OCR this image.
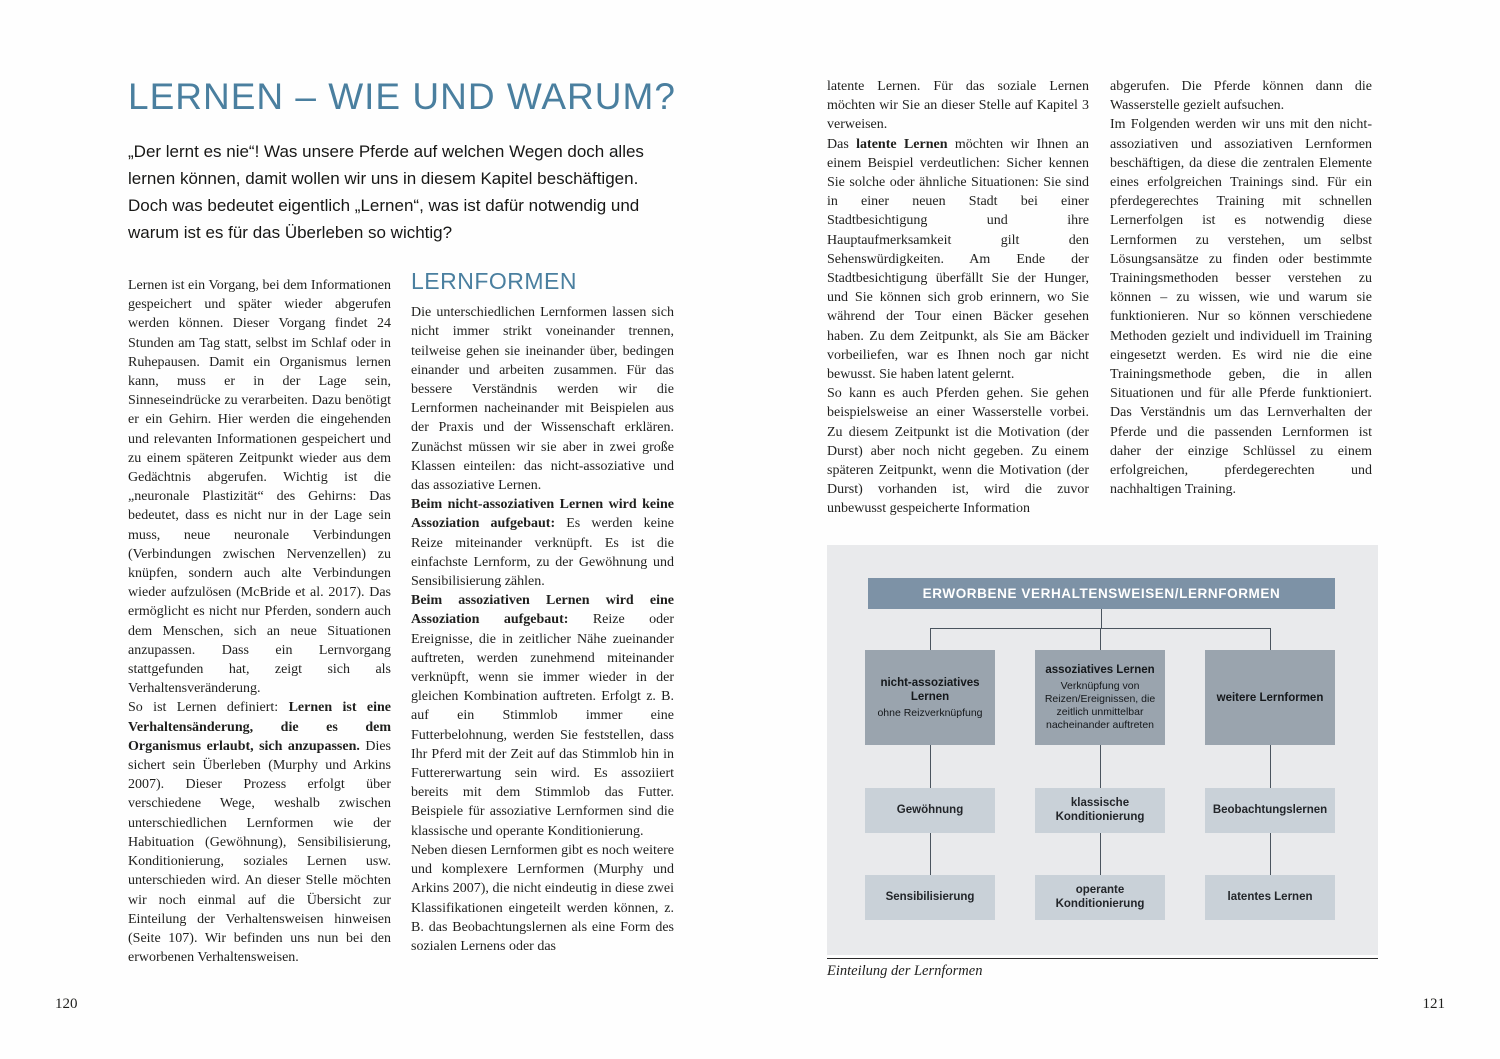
LERNEN – WIE UND WARUM?

„Der lernt es nie“! Was unsere Pferde auf welchen Wegen doch alles lernen können, damit wollen wir uns in diesem Kapitel beschäftigen. Doch was bedeutet eigentlich „Lernen“, was ist dafür notwendig und warum ist es für das Überleben so wichtig?

Lernen ist ein Vorgang, bei dem Informationen gespeichert und später wieder abgerufen werden können. Dieser Vorgang findet 24 Stunden am Tag statt, selbst im Schlaf oder in Ruhepausen. Damit ein Organismus lernen kann, muss er in der Lage sein, Sinneseindrücke zu verarbeiten. Dazu benötigt er ein Gehirn. Hier werden die eingehenden und relevanten Informationen gespeichert und zu einem späteren Zeitpunkt wieder aus dem Gedächtnis abgerufen. Wichtig ist die „neuronale Plastizität“ des Gehirns: Das bedeutet, dass es nicht nur in der Lage sein muss, neue neuronale Verbindungen (Verbindungen zwischen Nervenzellen) zu knüpfen, sondern auch alte Verbindungen wieder aufzulösen (McBride et al. 2017). Das ermöglicht es nicht nur Pferden, sondern auch dem Menschen, sich an neue Situationen anzupassen. Dass ein Lernvorgang stattgefunden hat, zeigt sich als Verhaltensveränderung.

So ist Lernen definiert: Lernen ist eine Verhaltensänderung, die es dem Organismus erlaubt, sich anzupassen. Dies sichert sein Überleben (Murphy und Arkins 2007). Dieser Prozess erfolgt über verschiedene Wege, weshalb zwischen unterschiedlichen Lernformen wie der Habituation (Gewöhnung), Sensibilisierung, Konditionierung, soziales Lernen usw. unterschieden wird. An dieser Stelle möchten wir noch einmal auf die Übersicht zur Einteilung der Verhaltensweisen hinweisen (Seite 107). Wir befinden uns nun bei den erworbenen Verhaltensweisen.

LERNFORMEN

Die unterschiedlichen Lernformen lassen sich nicht immer strikt voneinander trennen, teilweise gehen sie ineinander über, bedingen einander und arbeiten zusammen. Für das bessere Verständnis werden wir die Lernformen nacheinander mit Beispielen aus der Praxis und der Wissenschaft erklären. Zunächst müssen wir sie aber in zwei große Klassen einteilen: das nicht-assoziative und das assoziative Lernen.

Beim nicht-assoziativen Lernen wird keine Assoziation aufgebaut: Es werden keine Reize miteinander verknüpft. Es ist die einfachste Lernform, zu der Gewöhnung und Sensibilisierung zählen.

Beim assoziativen Lernen wird eine Assoziation aufgebaut: Reize oder Ereignisse, die in zeitlicher Nähe zueinander auftreten, werden zunehmend miteinander verknüpft, wenn sie immer wieder in der gleichen Kombination auftreten. Erfolgt z. B. auf ein Stimmlob immer eine Futterbelohnung, werden Sie feststellen, dass Ihr Pferd mit der Zeit auf das Stimmlob hin in Futtererwartung sein wird. Es assoziiert bereits mit dem Stimmlob das Futter. Beispiele für assoziative Lernformen sind die klassische und operante Konditionierung.

Neben diesen Lernformen gibt es noch weitere und komplexere Lernformen (Murphy und Arkins 2007), die nicht eindeutig in diese zwei Klassifikationen eingeteilt werden können, z. B. das Beobachtungslernen als eine Form des sozialen Lernens oder das

latente Lernen. Für das soziale Lernen möchten wir Sie an dieser Stelle auf Kapitel 3 verweisen.

Das latente Lernen möchten wir Ihnen an einem Beispiel verdeutlichen: Sicher kennen Sie solche oder ähnliche Situationen: Sie sind in einer neuen Stadt bei einer Stadtbesichtigung und ihre Hauptaufmerksamkeit gilt den Sehenswürdigkeiten. Am Ende der Stadtbesichtigung überfällt Sie der Hunger, und Sie können sich grob erinnern, wo Sie während der Tour einen Bäcker gesehen haben. Zu dem Zeitpunkt, als Sie am Bäcker vorbeiliefen, war es Ihnen noch gar nicht bewusst. Sie haben latent gelernt.

So kann es auch Pferden gehen. Sie gehen beispielsweise an einer Wasserstelle vorbei. Zu diesem Zeitpunkt ist die Motivation (der Durst) aber noch nicht gegeben. Zu einem späteren Zeitpunkt, wenn die Motivation (der Durst) vorhanden ist, wird die zuvor unbewusst gespeicherte Information

abgerufen. Die Pferde können dann die Wasserstelle gezielt aufsuchen.

Im Folgenden werden wir uns mit den nicht-assoziativen und assoziativen Lernformen beschäftigen, da diese die zentralen Elemente eines erfolgreichen Trainings sind. Für ein pferdegerechtes Training mit schnellen Lernerfolgen ist es notwendig diese Lernformen zu verstehen, um selbst Lösungsansätze zu finden oder bestimmte Trainingsmethoden besser verstehen zu können – zu wissen, wie und warum sie funktionieren. Nur so können verschiedene Methoden gezielt und individuell im Training eingesetzt werden. Es wird nie die eine Trainingsmethode geben, die in allen Situationen und für alle Pferde funktioniert. Das Verständnis um das Lernverhalten der Pferde und die passenden Lernformen ist daher der einzige Schlüssel zu einem erfolgreichen, pferdegerechten und nachhaltigen Training.

ERWORBENE VERHALTENSWEISEN/LERNFORMEN
nicht-assoziatives Lernen
ohne Reizverknüpfung
assoziatives Lernen
Verknüpfung von Reizen/Ereignissen, die zeitlich unmittelbar nacheinander auftreten
weitere Lernformen
Gewöhnung
klassische Konditionierung
Beobachtungslernen
Sensibilisierung
operante Konditionierung
latentes Lernen

Einteilung der Lernformen

120	121
